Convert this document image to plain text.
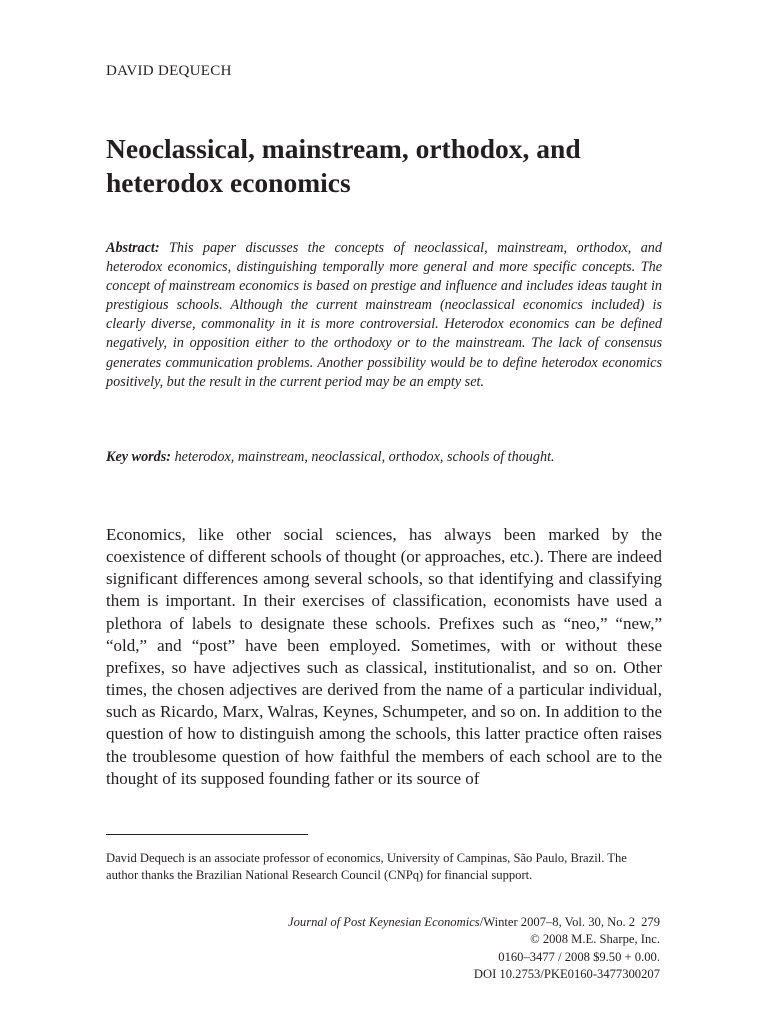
DAVID DEQUECH
Neoclassical, mainstream, orthodox, and
heterodox economics

Abstract: This paper discusses the concepts of neoclassical, mainstream, orthodox, and heterodox economics, distinguishing temporally more general and more specific concepts. The concept of mainstream economics is based on prestige and influence and includes ideas taught in prestigious schools. Although the current mainstream (neoclassical economics included) is clearly diverse, commonality in it is more controversial. Heterodox economics can be defined negatively, in opposition either to the orthodoxy or to the mainstream. The lack of consensus generates communication problems. Another possibility would be to define heterodox economics positively, but the result in the current period may be an empty set.

Key words: heterodox, mainstream, neoclassical, orthodox, schools of thought.

Economics, like other social sciences, has always been marked by the coexistence of different schools of thought (or approaches, etc.). There are indeed significant differences among several schools, so that identifying and classifying them is important. In their exercises of classification, economists have used a plethora of labels to designate these schools. Prefixes such as “neo,” “new,” “old,” and “post” have been employed. Sometimes, with or without these prefixes, so have adjectives such as classical, institutionalist, and so on. Other times, the chosen adjectives are derived from the name of a particular individual, such as Ricardo, Marx, Walras, Keynes, Schumpeter, and so on. In addition to the question of how to distinguish among the schools, this latter practice often raises the troublesome question of how faithful the members of each school are to the thought of its supposed founding father or its source of

David Dequech is an associate professor of economics, University of Campinas, São Paulo, Brazil. The author thanks the Brazilian National Research Council (CNPq) for financial support.

Journal of Post Keynesian Economics/Winter 2007–8, Vol. 30, No. 2 279
© 2008 M.E. Sharpe, Inc.
0160–3477 / 2008 $9.50 + 0.00.
DOI 10.2753/PKE0160-3477300207
